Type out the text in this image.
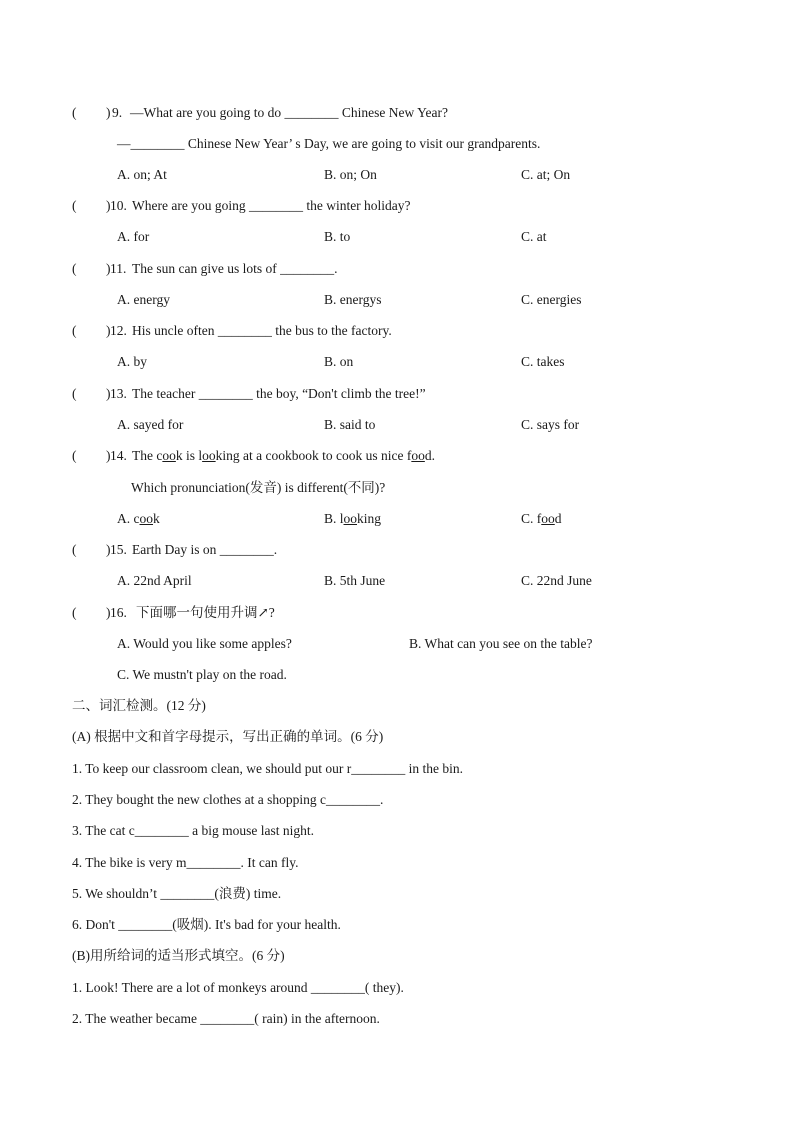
( ) 9. —What are you going to do ________ Chinese New Year?
—________ Chinese New Year’ s Day, we are going to visit our grandparents.
A. on; At	B. on; On	C. at; On
( ) 10. Where are you going ________ the winter holiday?
A. for	B. to	C. at
( ) 11. The sun can give us lots of ________.
A. energy	B. energys	C. energies
( ) 12. His uncle often ________ the bus to the factory.
A. by	B. on	C. takes
( ) 13. The teacher ________ the boy, “Don't climb the tree!”
A. sayed for	B. said to	C. says for
( ) 14. The cook is looking at a cookbook to cook us nice food.
Which pronunciation(发音) is different(不同)?
A. cook	B. looking	C. food
( ) 15. Earth Day is on ________.
A. 22nd April	B. 5th June	C. 22nd June
( ) 16. 下面哪一句使用升调↗?
A. Would you like some apples?	B. What can you see on the table?
C. We mustn't play on the road.
二、词汇检测。(12 分)
(A) 根据中文和首字母提示，写出正确的单词。(6 分)
1. To keep our classroom clean, we should put our r________ in the bin.
2. They bought the new clothes at a shopping c________.
3. The cat c________ a big mouse last night.
4. The bike is very m________. It can fly.
5. We shouldn’t ________(浪费) time.
6. Don't ________(吸烟). It's bad for your health.
(B)用所给词的适当形式填空。(6 分)
1. Look! There are a lot of monkeys around ________( they).
2. The weather became ________( rain) in the afternoon.
